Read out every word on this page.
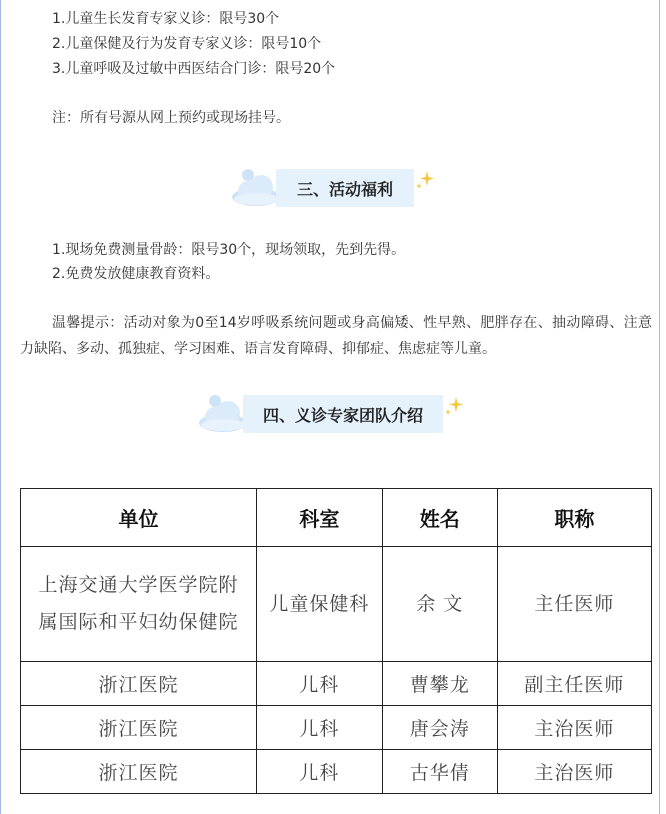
1.儿童生长发育专家义诊：限号30个
2.儿童保健及行为发育专家义诊：限号10个
3.儿童呼吸及过敏中西医结合门诊：限号20个
注：所有号源从网上预约或现场挂号。
三、活动福利
1.现场免费测量骨龄：限号30个，现场领取，先到先得。
2.免费发放健康教育资料。
温馨提示：活动对象为0至14岁呼吸系统问题或身高偏矮、性早熟、肥胖存在、抽动障碍、注意力缺陷、多动、孤独症、学习困难、语言发育障碍、抑郁症、焦虑症等儿童。
四、义诊专家团队介绍
单位	科室	姓名	职称
上海交通大学医学院附属国际和平妇幼保健院	儿童保健科	余 文	主任医师
浙江医院	儿科	曹攀龙	副主任医师
浙江医院	儿科	唐会涛	主治医师
浙江医院	儿科	古华倩	主治医师
